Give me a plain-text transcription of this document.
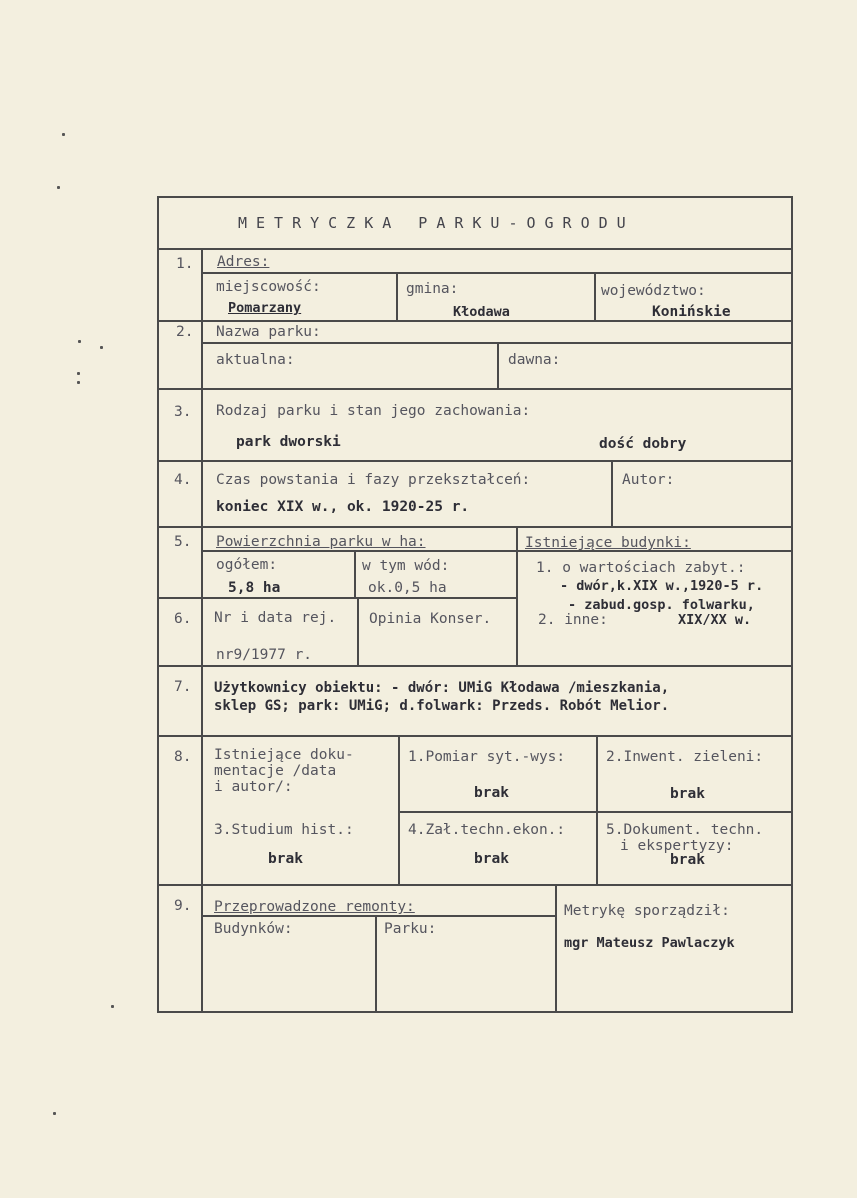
METRYCZKA PARKU-OGRODU
1. Adres:
miejscowość:
Pomarzany
gmina:
Kłodawa
województwo:
Konińskie
2. Nazwa parku:
aktualna:	dawna:
3. Rodzaj parku i stan jego zachowania:
park dworski	dość dobry
4. Czas powstania i fazy przekształceń:
koniec XIX w., ok. 1920-25 r.
Autor:
5. Powierzchnia parku w ha:
ogółem:
5,8 ha
w tym wód:
ok.0,5 ha
Istniejące budynki:
1. o wartościach zabyt.:
- dwór,k.XIX w.,1920-5 r.
- zabud.gosp. folwarku,
2. inne:	XIX/XX w.
6. Nr i data rej.
nr9/1977 r.
Opinia Konser.
7. Użytkownicy obiektu: - dwór: UMiG Kłodawa /mieszkania,
sklep GS; park: UMiG; d.folwark: Przeds. Robót Melior.
8. Istniejące doku-
mentacje /data
i autor/:
1.Pomiar syt.-wys:
brak
2.Inwent. zieleni:
brak
3.Studium hist.:
brak
4.Zał.techn.ekon.:
brak
5.Dokument. techn.
i ekspertyzy:
brak
9. Przeprowadzone remonty:
Budynków:	Parku:
Metrykę sporządził:
mgr Mateusz Pawlaczyk
